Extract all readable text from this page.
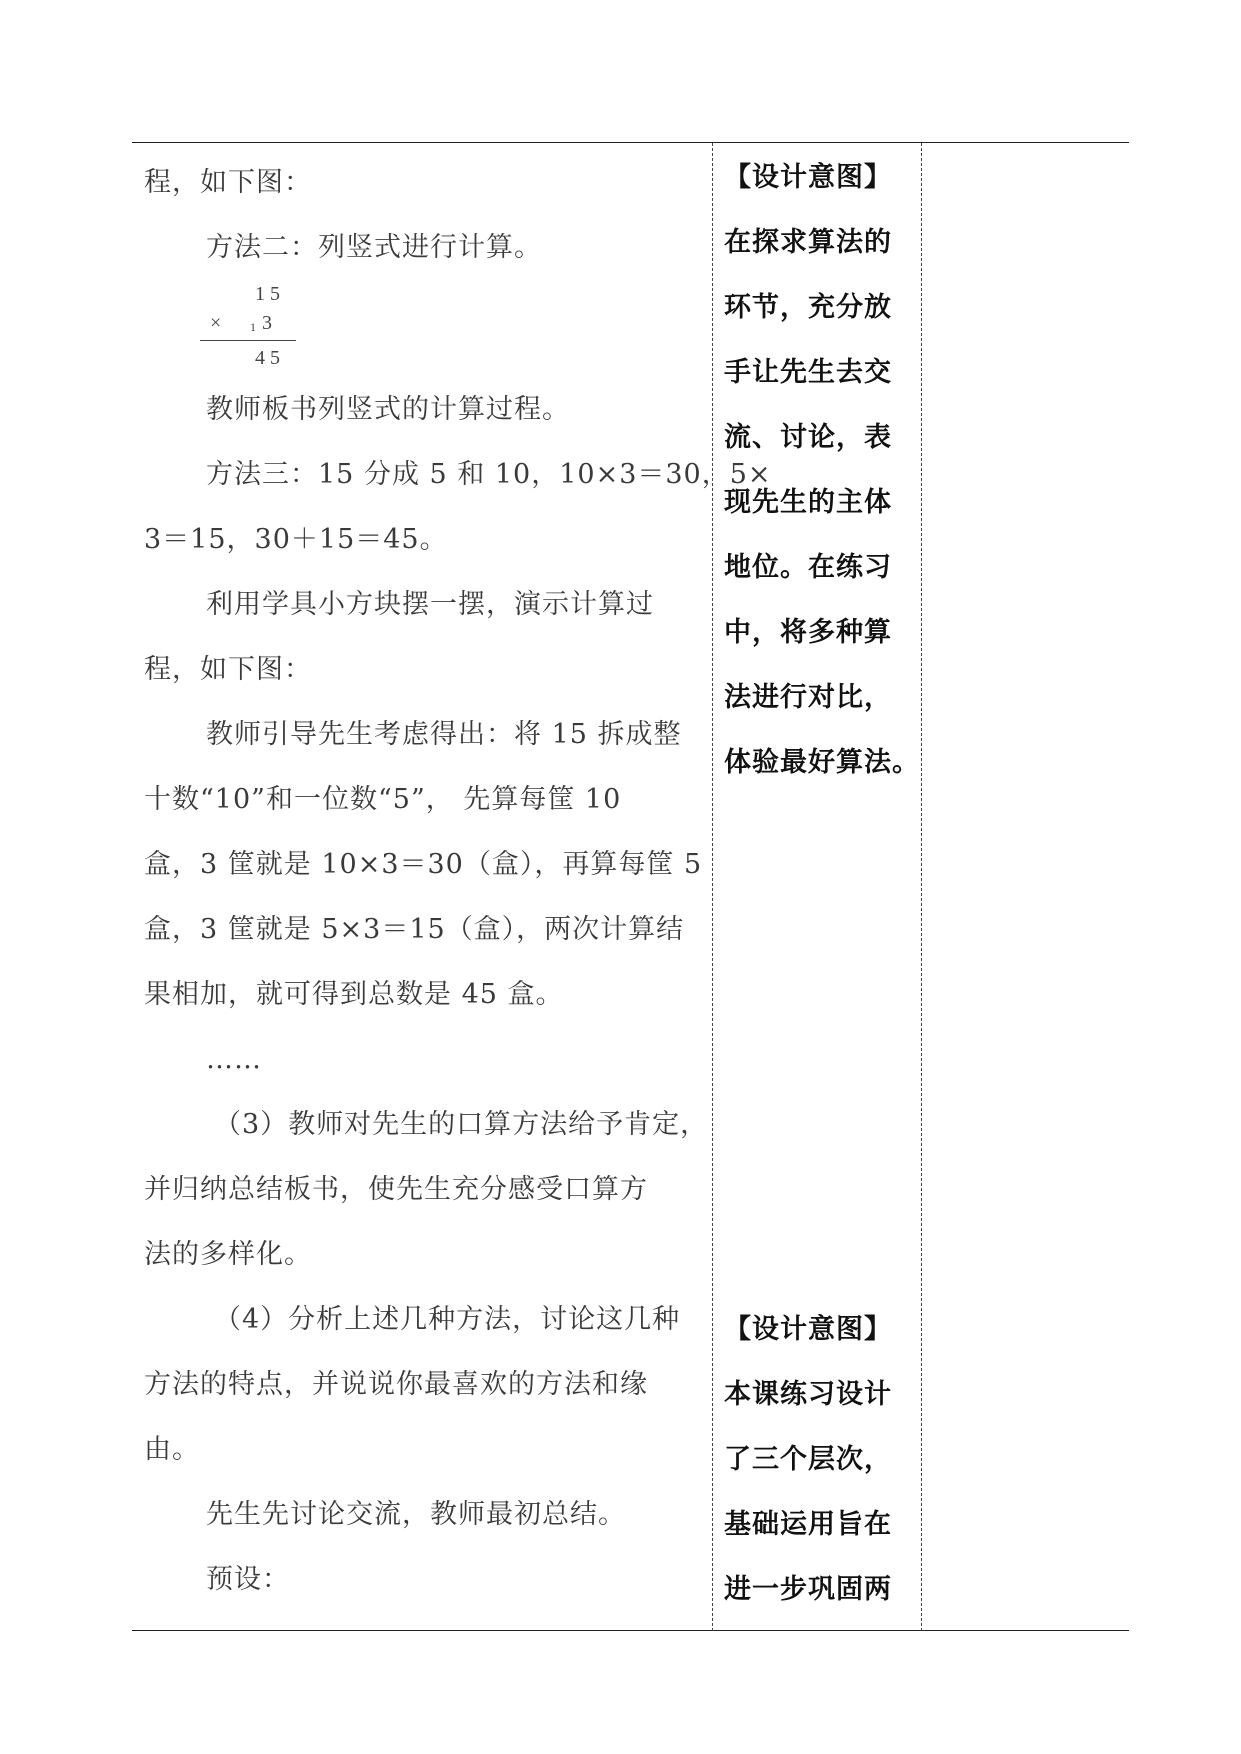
程，如下图：

方法二：列竖式进行计算。

1 5
× 1 3
4 5

教师板书列竖式的计算过程。

方法三：15 分成 5 和 10，10×3＝30，5×

3＝15，30＋15＝45。

利用学具小方块摆一摆，演示计算过

程，如下图：

教师引导先生考虑得出：将 15 拆成整

十数“10”和一位数“5”， 先算每筐 10

盒，3 筐就是 10×3＝30（盒），再算每筐 5

盒，3 筐就是 5×3＝15（盒），两次计算结

果相加，就可得到总数是 45 盒。

……

（3）教师对先生的口算方法给予肯定，

并归纳总结板书，使先生充分感受口算方

法的多样化。

（4）分析上述几种方法，讨论这几种

方法的特点，并说说你最喜欢的方法和缘

由。

先生先讨论交流，教师最初总结。

预设：

【设计意图】

在探求算法的

环节，充分放

手让先生去交

流、讨论，表

现先生的主体

地位。在练习

中，将多种算

法进行对比，

体验最好算法。

【设计意图】

本课练习设计

了三个层次，

基础运用旨在

进一步巩固两
